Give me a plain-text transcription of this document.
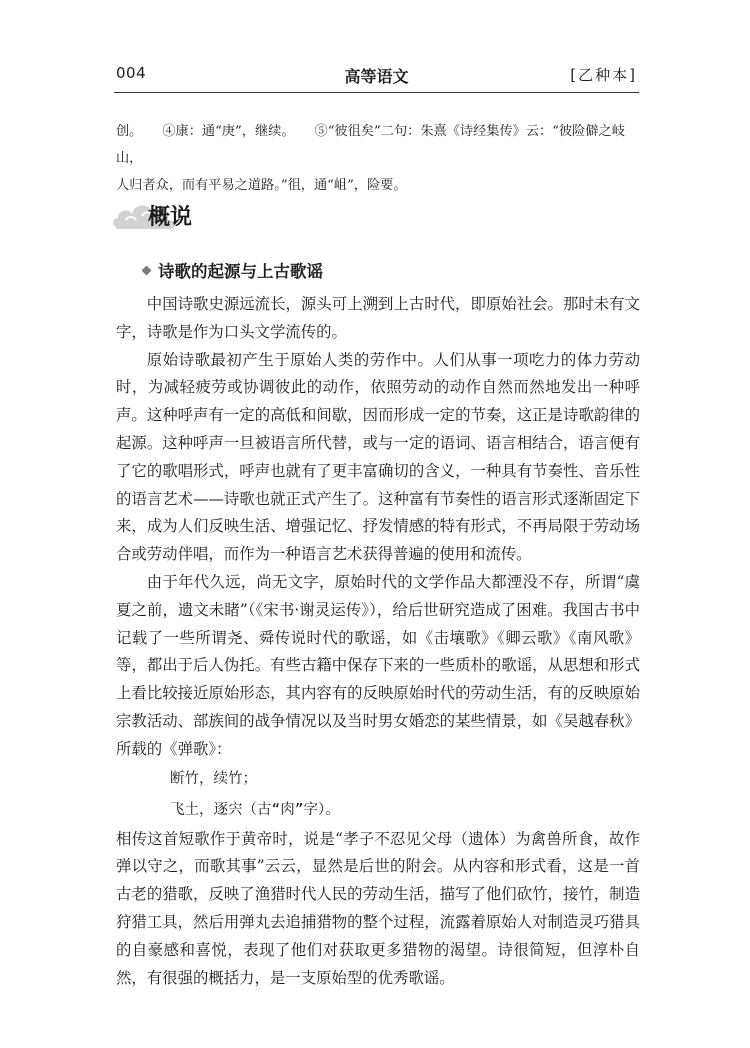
004	高等语文	[乙种本]

创。 ④康：通“庚”，继续。 ⑤“彼徂矣”二句：朱熹《诗经集传》云：“彼险僻之岐山，

人归者众，而有平易之道路。”徂，通“岨”，险要。

概说
诗歌的起源与上古歌谣

中国诗歌史源远流长，源头可上溯到上古时代，即原始社会。那时未有文字，诗歌是作为口头文学流传的。

原始诗歌最初产生于原始人类的劳作中。人们从事一项吃力的体力劳动时，为减轻疲劳或协调彼此的动作，依照劳动的动作自然而然地发出一种呼声。这种呼声有一定的高低和间歇，因而形成一定的节奏，这正是诗歌韵律的起源。这种呼声一旦被语言所代替，或与一定的语词、语言相结合，语言便有了它的歌唱形式，呼声也就有了更丰富确切的含义，一种具有节奏性、音乐性的语言艺术——诗歌也就正式产生了。这种富有节奏性的语言形式逐渐固定下来，成为人们反映生活、增强记忆、抒发情感的特有形式，不再局限于劳动场合或劳动伴唱，而作为一种语言艺术获得普遍的使用和流传。

由于年代久远，尚无文字，原始时代的文学作品大都湮没不存，所谓“虞夏之前，遗文未睹”（《宋书·谢灵运传》），给后世研究造成了困难。我国古书中记载了一些所谓尧、舜传说时代的歌谣，如《击壤歌》《卿云歌》《南风歌》等，都出于后人伪托。有些古籍中保存下来的一些质朴的歌谣，从思想和形式上看比较接近原始形态，其内容有的反映原始时代的劳动生活，有的反映原始宗教活动、部族间的战争情况以及当时男女婚恋的某些情景，如《吴越春秋》所载的《弹歌》：

断竹，续竹；

飞土，逐宍（古“肉”字）。

相传这首短歌作于黄帝时，说是“孝子不忍见父母（遗体）为禽兽所食，故作弹以守之，而歌其事”云云，显然是后世的附会。从内容和形式看，这是一首古老的猎歌，反映了渔猎时代人民的劳动生活，描写了他们砍竹，接竹，制造狩猎工具，然后用弹丸去追捕猎物的整个过程，流露着原始人对制造灵巧猎具的自豪感和喜悦，表现了他们对获取更多猎物的渴望。诗很简短，但淳朴自然，有很强的概括力，是一支原始型的优秀歌谣。
